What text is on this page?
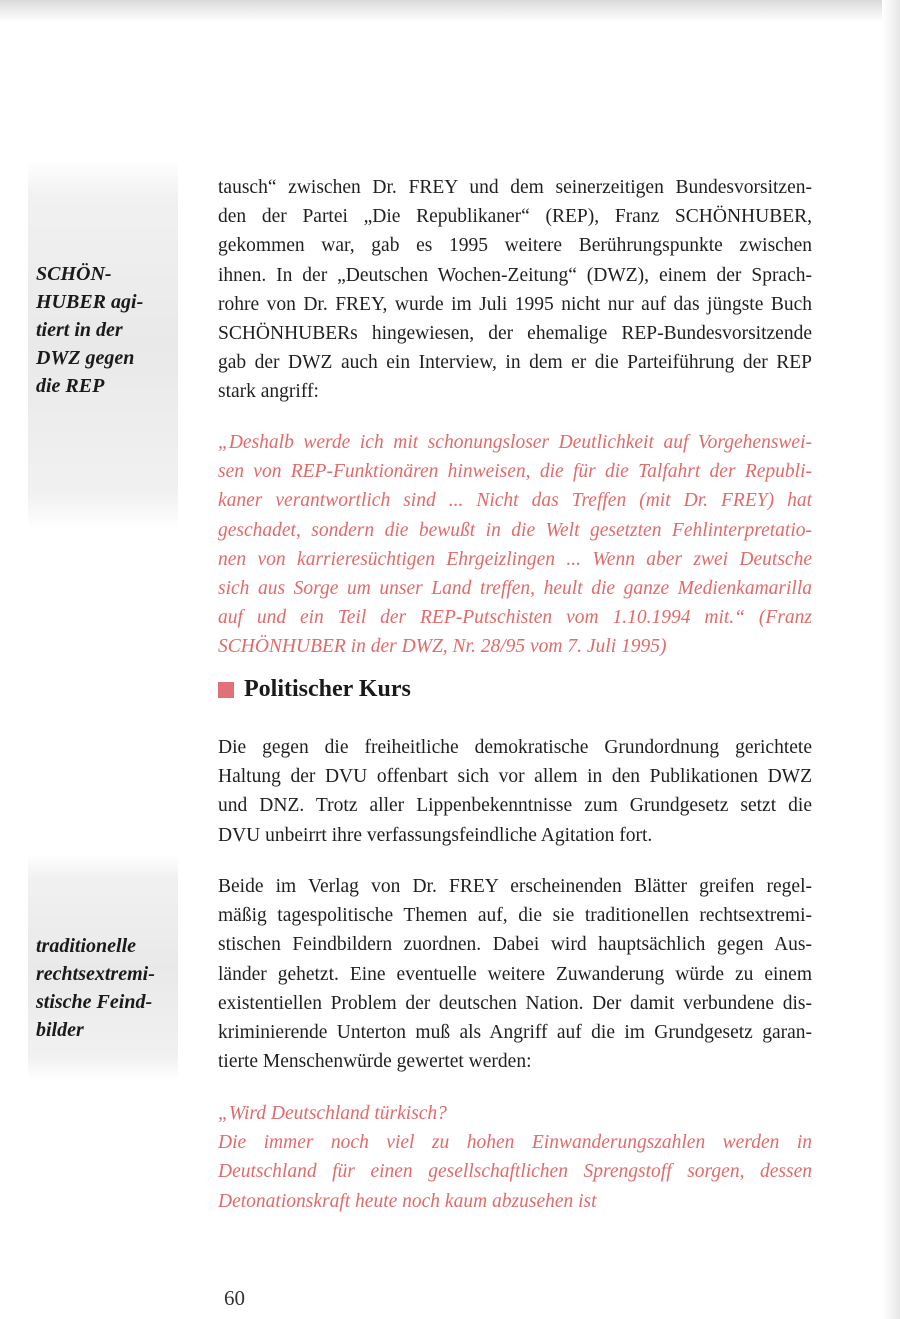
SCHÖN-
HUBER agi-
tiert in der
DWZ gegen
die REP
traditionelle
rechtsextremi-
stische Feind-
bilder
tausch“ zwischen Dr. FREY und dem seinerzeitigen Bundesvorsitzen-
den der Partei „Die Republikaner“ (REP), Franz SCHÖNHUBER,
gekommen war, gab es 1995 weitere Berührungspunkte zwischen
ihnen. In der „Deutschen Wochen-Zeitung“ (DWZ), einem der Sprach-
rohre von Dr. FREY, wurde im Juli 1995 nicht nur auf das jüngste Buch
SCHÖNHUBERs hingewiesen, der ehemalige REP-Bundesvorsitzende
gab der DWZ auch ein Interview, in dem er die Parteiführung der REP
stark angriff:
„Deshalb werde ich mit schonungsloser Deutlichkeit auf Vorgehenswei-
sen von REP-Funktionären hinweisen, die für die Talfahrt der Republi-
kaner verantwortlich sind ... Nicht das Treffen (mit Dr. FREY) hat
geschadet, sondern die bewußt in die Welt gesetzten Fehlinterpretatio-
nen von karrieresüchtigen Ehrgeizlingen ... Wenn aber zwei Deutsche
sich aus Sorge um unser Land treffen, heult die ganze Medienkamarilla
auf und ein Teil der REP-Putschisten vom 1.10.1994 mit.“ (Franz
SCHÖNHUBER in der DWZ, Nr. 28/95 vom 7. Juli 1995)
Politischer Kurs
Die gegen die freiheitliche demokratische Grundordnung gerichtete
Haltung der DVU offenbart sich vor allem in den Publikationen DWZ
und DNZ. Trotz aller Lippenbekenntnisse zum Grundgesetz setzt die
DVU unbeirrt ihre verfassungsfeindliche Agitation fort.
Beide im Verlag von Dr. FREY erscheinenden Blätter greifen regel-
mäßig tagespolitische Themen auf, die sie traditionellen rechtsextremi-
stischen Feindbildern zuordnen. Dabei wird hauptsächlich gegen Aus-
länder gehetzt. Eine eventuelle weitere Zuwanderung würde zu einem
existentiellen Problem der deutschen Nation. Der damit verbundene dis-
kriminierende Unterton muß als Angriff auf die im Grundgesetz garan-
tierte Menschenwürde gewertet werden:
„Wird Deutschland türkisch?
Die immer noch viel zu hohen Einwanderungszahlen werden in
Deutschland für einen gesellschaftlichen Sprengstoff sorgen, dessen
Detonationskraft heute noch kaum abzusehen ist
60
